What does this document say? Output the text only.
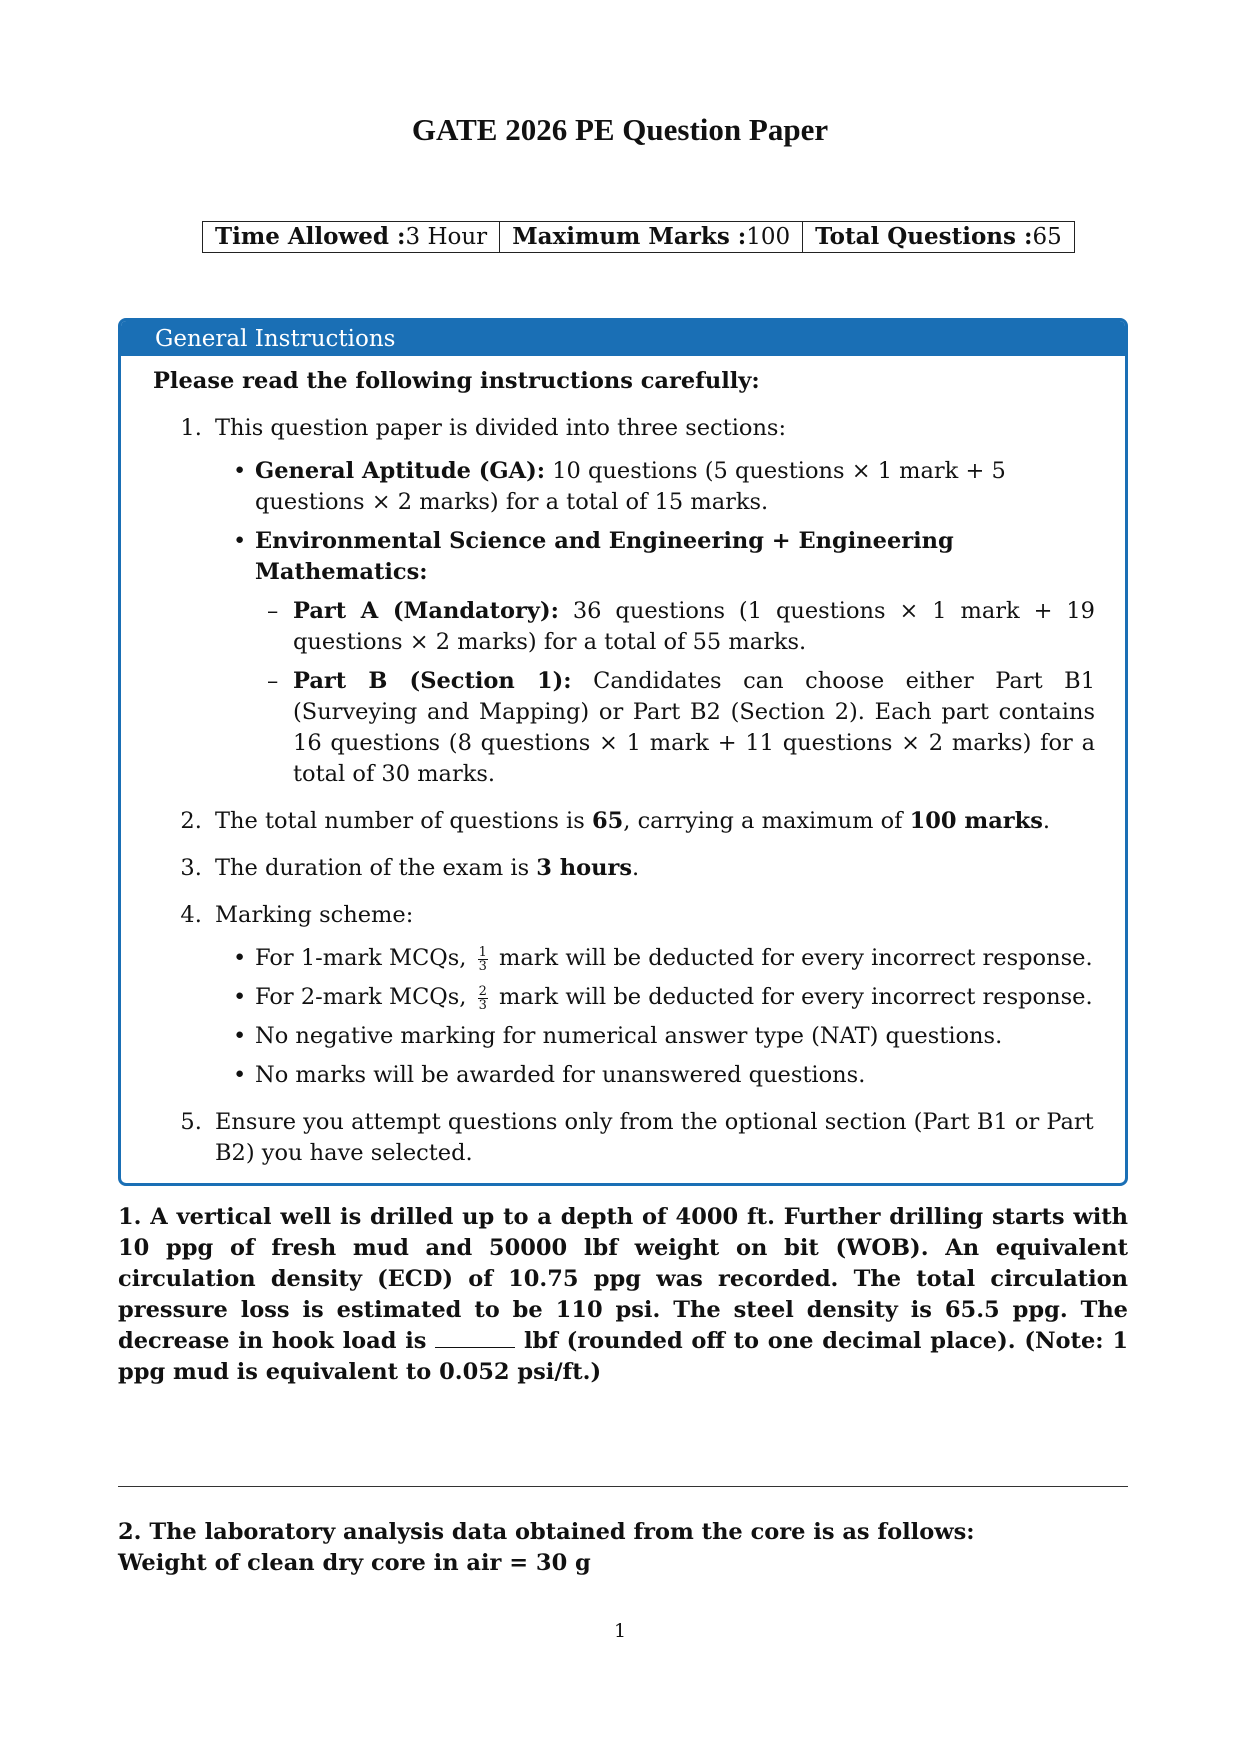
GATE 2026 PE Question Paper
Time Allowed :3 Hour	Maximum Marks :100	Total Questions :65
General Instructions
Please read the following instructions carefully:
1. This question paper is divided into three sections:
• General Aptitude (GA): 10 questions (5 questions × 1 mark + 5 questions × 2 marks) for a total of 15 marks.
• Environmental Science and Engineering + Engineering Mathematics:
– Part A (Mandatory): 36 questions (1 questions × 1 mark + 19 questions × 2 marks) for a total of 55 marks.
– Part B (Section 1): Candidates can choose either Part B1 (Surveying and Mapping) or Part B2 (Section 2). Each part contains 16 questions (8 questions × 1 mark + 11 questions × 2 marks) for a total of 30 marks.
2. The total number of questions is 65, carrying a maximum of 100 marks.
3. The duration of the exam is 3 hours.
4. Marking scheme:
• For 1-mark MCQs, $\frac{1}{3}$ mark will be deducted for every incorrect response.
• For 2-mark MCQs, $\frac{2}{3}$ mark will be deducted for every incorrect response.
• No negative marking for numerical answer type (NAT) questions.
• No marks will be awarded for unanswered questions.
5. Ensure you attempt questions only from the optional section (Part B1 or Part B2) you have selected.
6.
1. A vertical well is drilled up to a depth of 4000 ft. Further drilling starts with 10 ppg of fresh mud and 50000 lbf weight on bit (WOB). An equivalent circulation density (ECD) of 10.75 ppg was recorded. The total circulation pressure loss is estimated to be 110 psi. The steel density is 65.5 ppg. The decrease in hook load is	lbf (rounded off to one decimal place). (Note: 1 ppg mud is equivalent to 0.052 psi/ft.)
2. The laboratory analysis data obtained from the core is as follows:
Weight of clean dry core in air = 30 g
1
